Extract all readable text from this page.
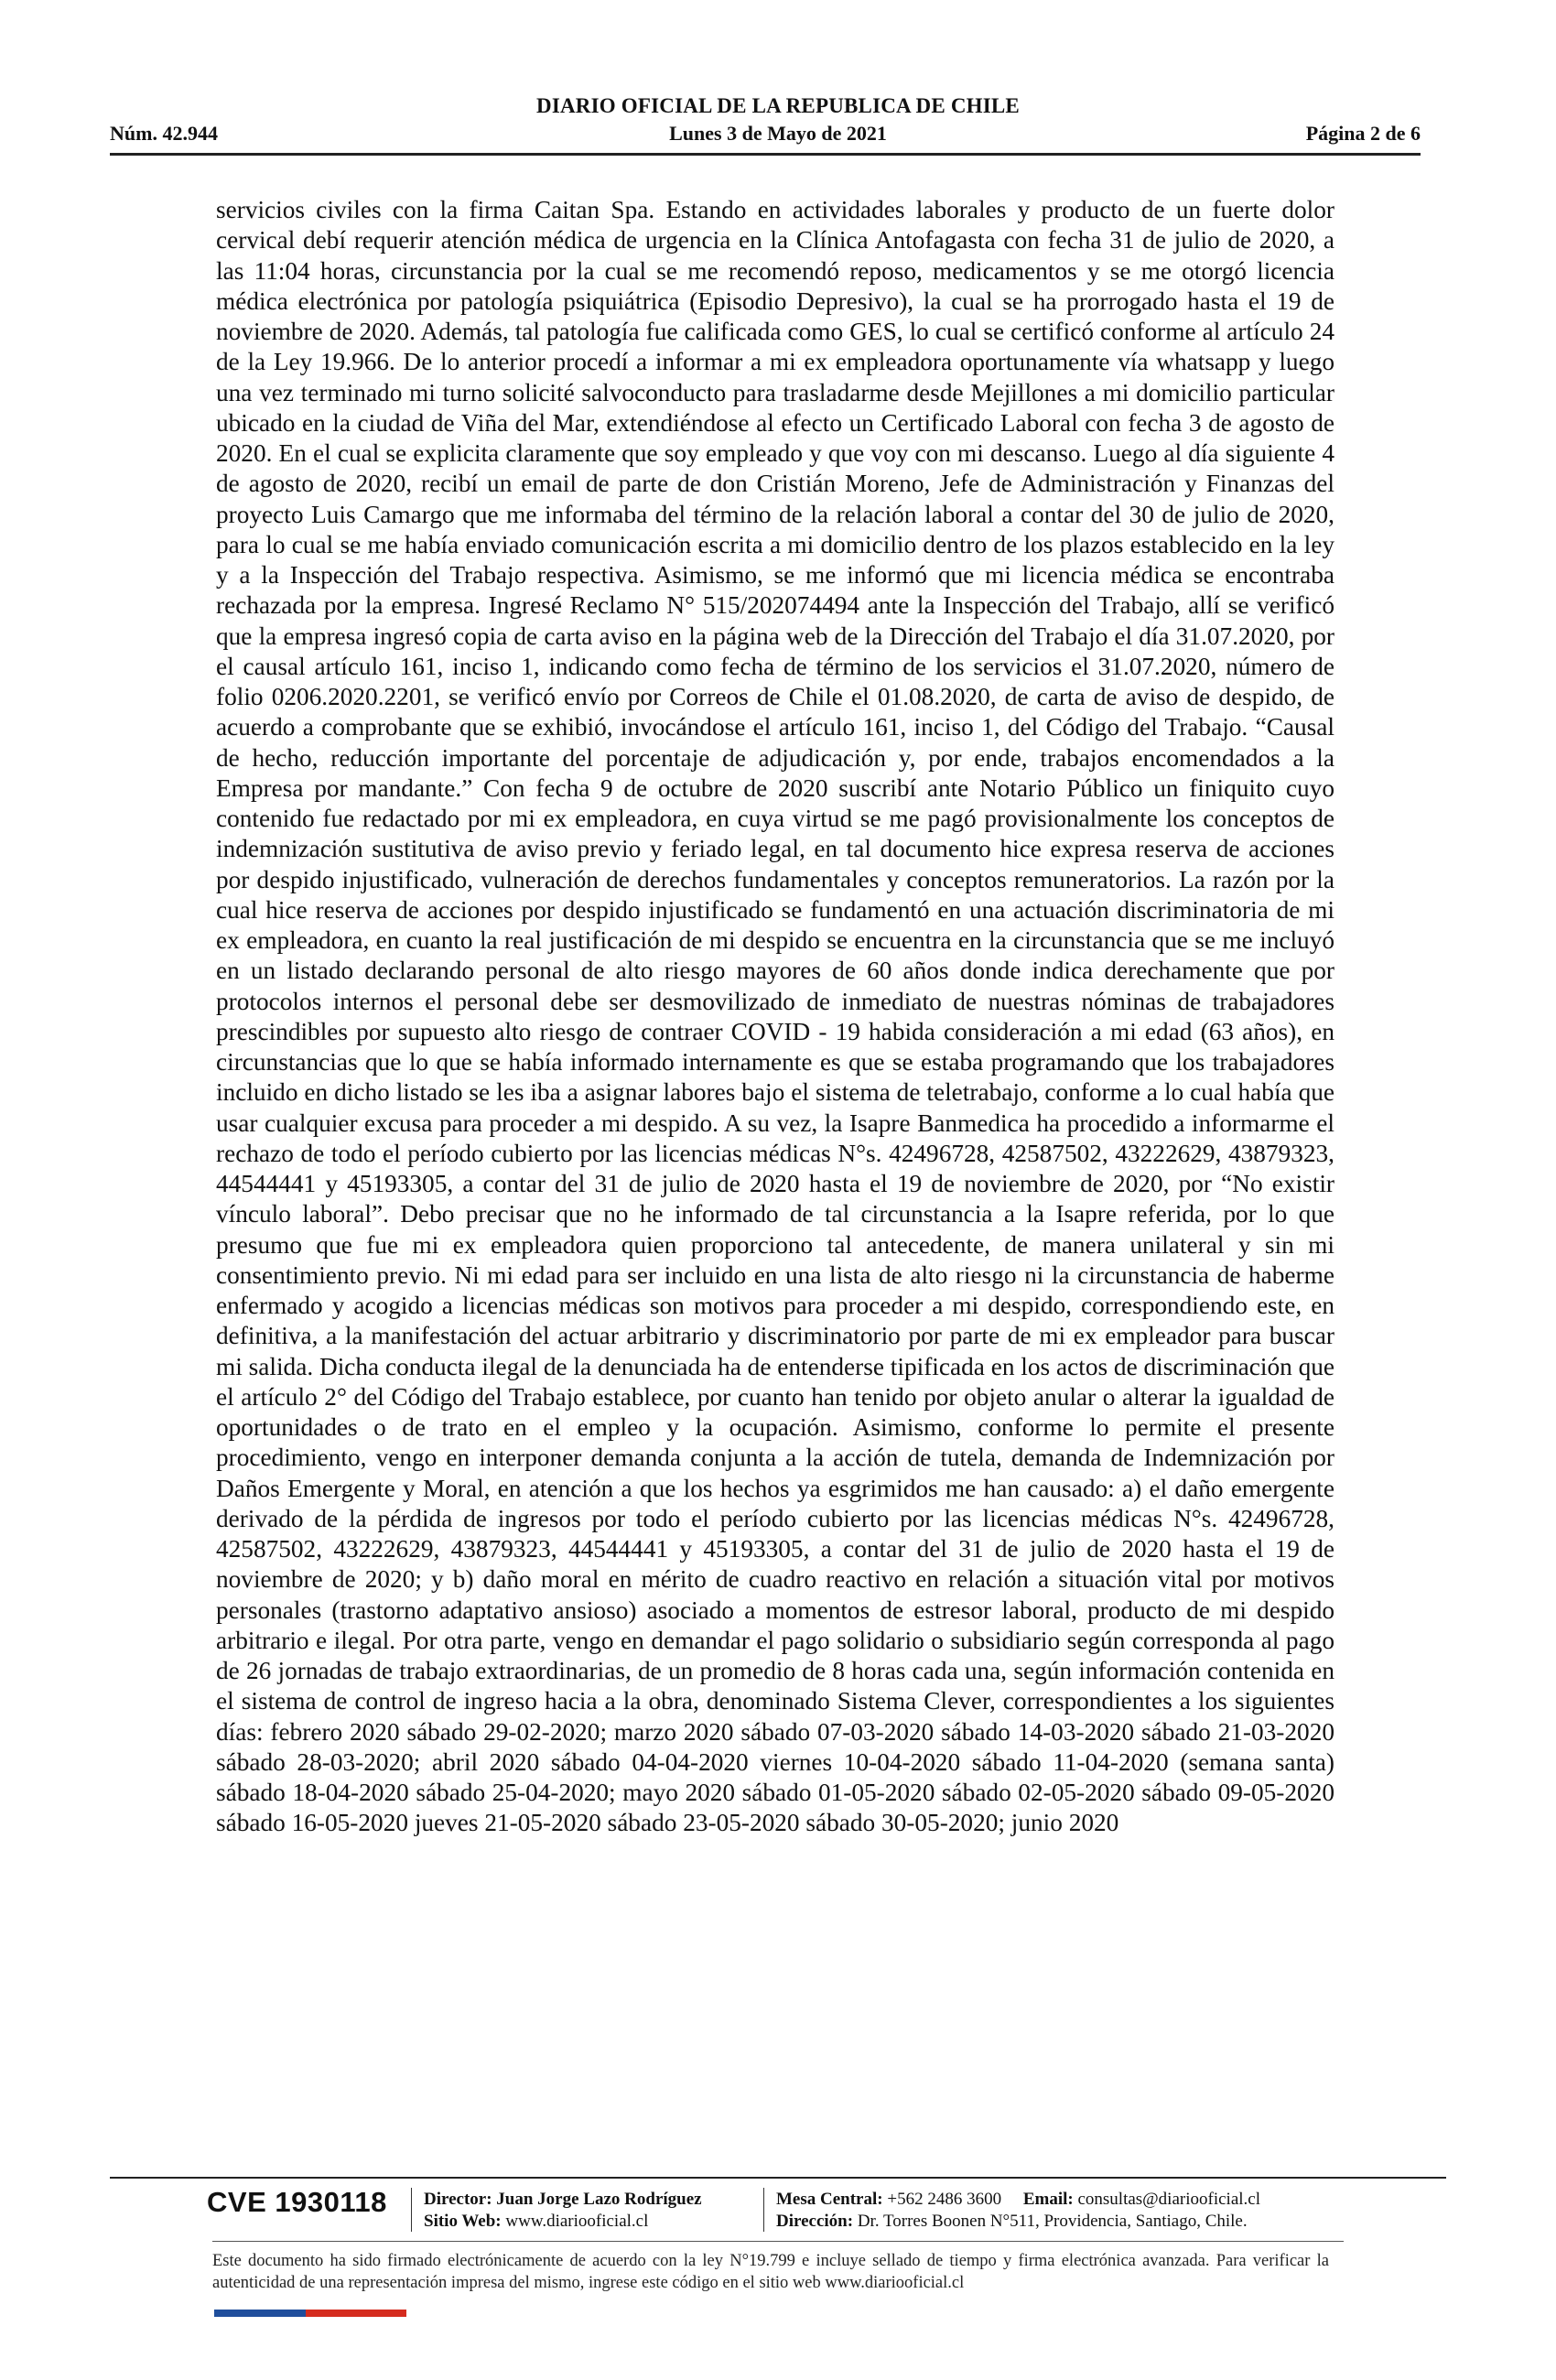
DIARIO OFICIAL DE LA REPUBLICA DE CHILE
Núm. 42.944	Lunes 3 de Mayo de 2021	Página 2 de 6
servicios civiles con la firma Caitan Spa. Estando en actividades laborales y producto de un fuerte dolor cervical debí requerir atención médica de urgencia en la Clínica Antofagasta con fecha 31 de julio de 2020, a las 11:04 horas, circunstancia por la cual se me recomendó reposo, medicamentos y se me otorgó licencia médica electrónica por patología psiquiátrica (Episodio Depresivo), la cual se ha prorrogado hasta el 19 de noviembre de 2020. Además, tal patología fue calificada como GES, lo cual se certificó conforme al artículo 24 de la Ley 19.966. De lo anterior procedí a informar a mi ex empleadora oportunamente vía whatsapp y luego una vez terminado mi turno solicité salvoconducto para trasladarme desde Mejillones a mi domicilio particular ubicado en la ciudad de Viña del Mar, extendiéndose al efecto un Certificado Laboral con fecha 3 de agosto de 2020. En el cual se explicita claramente que soy empleado y que voy con mi descanso. Luego al día siguiente 4 de agosto de 2020, recibí un email de parte de don Cristián Moreno, Jefe de Administración y Finanzas del proyecto Luis Camargo que me informaba del término de la relación laboral a contar del 30 de julio de 2020, para lo cual se me había enviado comunicación escrita a mi domicilio dentro de los plazos establecido en la ley y a la Inspección del Trabajo respectiva. Asimismo, se me informó que mi licencia médica se encontraba rechazada por la empresa. Ingresé Reclamo N° 515/202074494 ante la Inspección del Trabajo, allí se verificó que la empresa ingresó copia de carta aviso en la página web de la Dirección del Trabajo el día 31.07.2020, por el causal artículo 161, inciso 1, indicando como fecha de término de los servicios el 31.07.2020, número de folio 0206.2020.2201, se verificó envío por Correos de Chile el 01.08.2020, de carta de aviso de despido, de acuerdo a comprobante que se exhibió, invocándose el artículo 161, inciso 1, del Código del Trabajo. “Causal de hecho, reducción importante del porcentaje de adjudicación y, por ende, trabajos encomendados a la Empresa por mandante.” Con fecha 9 de octubre de 2020 suscribí ante Notario Público un finiquito cuyo contenido fue redactado por mi ex empleadora, en cuya virtud se me pagó provisionalmente los conceptos de indemnización sustitutiva de aviso previo y feriado legal, en tal documento hice expresa reserva de acciones por despido injustificado, vulneración de derechos fundamentales y conceptos remuneratorios. La razón por la cual hice reserva de acciones por despido injustificado se fundamentó en una actuación discriminatoria de mi ex empleadora, en cuanto la real justificación de mi despido se encuentra en la circunstancia que se me incluyó en un listado declarando personal de alto riesgo mayores de 60 años donde indica derechamente que por protocolos internos el personal debe ser desmovilizado de inmediato de nuestras nóminas de trabajadores prescindibles por supuesto alto riesgo de contraer COVID - 19 habida consideración a mi edad (63 años), en circunstancias que lo que se había informado internamente es que se estaba programando que los trabajadores incluido en dicho listado se les iba a asignar labores bajo el sistema de teletrabajo, conforme a lo cual había que usar cualquier excusa para proceder a mi despido. A su vez, la Isapre Banmedica ha procedido a informarme el rechazo de todo el período cubierto por las licencias médicas N°s. 42496728, 42587502, 43222629, 43879323, 44544441 y 45193305, a contar del 31 de julio de 2020 hasta el 19 de noviembre de 2020, por “No existir vínculo laboral”. Debo precisar que no he informado de tal circunstancia a la Isapre referida, por lo que presumo que fue mi ex empleadora quien proporciono tal antecedente, de manera unilateral y sin mi consentimiento previo. Ni mi edad para ser incluido en una lista de alto riesgo ni la circunstancia de haberme enfermado y acogido a licencias médicas son motivos para proceder a mi despido, correspondiendo este, en definitiva, a la manifestación del actuar arbitrario y discriminatorio por parte de mi ex empleador para buscar mi salida. Dicha conducta ilegal de la denunciada ha de entenderse tipificada en los actos de discriminación que el artículo 2° del Código del Trabajo establece, por cuanto han tenido por objeto anular o alterar la igualdad de oportunidades o de trato en el empleo y la ocupación. Asimismo, conforme lo permite el presente procedimiento, vengo en interponer demanda conjunta a la acción de tutela, demanda de Indemnización por Daños Emergente y Moral, en atención a que los hechos ya esgrimidos me han causado: a) el daño emergente derivado de la pérdida de ingresos por todo el período cubierto por las licencias médicas N°s. 42496728, 42587502, 43222629, 43879323, 44544441 y 45193305, a contar del 31 de julio de 2020 hasta el 19 de noviembre de 2020; y b) daño moral en mérito de cuadro reactivo en relación a situación vital por motivos personales (trastorno adaptativo ansioso) asociado a momentos de estresor laboral, producto de mi despido arbitrario e ilegal. Por otra parte, vengo en demandar el pago solidario o subsidiario según corresponda al pago de 26 jornadas de trabajo extraordinarias, de un promedio de 8 horas cada una, según información contenida en el sistema de control de ingreso hacia a la obra, denominado Sistema Clever, correspondientes a los siguientes días: febrero 2020 sábado 29-02-2020; marzo 2020 sábado 07-03-2020 sábado 14-03-2020 sábado 21-03-2020 sábado 28-03-2020; abril 2020 sábado 04-04-2020 viernes 10-04-2020 sábado 11-04-2020 (semana santa) sábado 18-04-2020 sábado 25-04-2020; mayo 2020 sábado 01-05-2020 sábado 02-05-2020 sábado 09-05-2020 sábado 16-05-2020 jueves 21-05-2020 sábado 23-05-2020 sábado 30-05-2020; junio 2020
CVE 1930118 Director: Juan Jorge Lazo Rodríguez
Sitio Web: www.diariooficial.cl
Mesa Central: +562 2486 3600 Email: consultas@diariooficial.cl
Dirección: Dr. Torres Boonen N°511, Providencia, Santiago, Chile.
Este documento ha sido firmado electrónicamente de acuerdo con la ley N°19.799 e incluye sellado de tiempo y firma electrónica avanzada. Para verificar la autenticidad de una representación impresa del mismo, ingrese este código en el sitio web www.diariooficial.cl
